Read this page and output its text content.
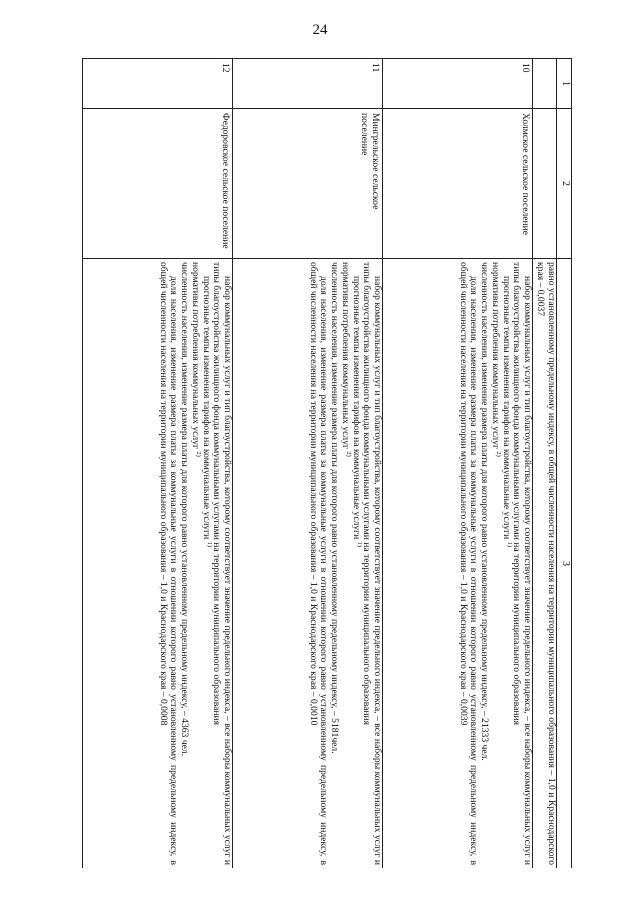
24
1	2	3

		равно установленному предельному индексу, в общей численности населения на территории муниципального образования – 1,0 и Краснодарского края – 0,0037

10	Холмское сельское поселение	набор коммунальных услуг и тип благоустройства, которому соответствует значение предельного индекса, – все наборы коммунальных услуг и типы благоустройства жилищного фонда коммунальными услугами на территории муниципального образования

прогнозные темпы изменения тарифов на коммунальные услуги $^{1)}$

нормативы потребления коммунальных услуг $^{2)}$

численность населения, изменение размера платы для которого равно установленному предельному индексу, – 21333 чел.

доля населения, изменение размера платы за коммунальные услуги в отношении которого равно установленному предельному индексу, в общей численности населения на территории муниципального образования – 1,0 и Краснодарского края – 0,0039

11	Мингрельское сельское поселение	набор коммунальных услуг и тип благоустройства, которому соответствует значение предельного индекса, – все наборы коммунальных услуг и типы благоустройства жилищного фонда коммунальными услугами на территории муниципального образования

прогнозные темпы изменения тарифов на коммунальные услуги $^{1)}$

нормативы потребления коммунальных услуг $^{2)}$

численность населения, изменение размера платы для которого равно установленному предельному индексу, – 5181чел.

доля населения, изменение размера платы за коммунальные услуги в отношении которого равно установленному предельному индексу, в общей численности населения на территории муниципального образования – 1,0 и Краснодарского края – 0,0010

12	Федоровское сельское поселение	набор коммунальных услуг и тип благоустройства, которому соответствует значение предельного индекса, – все наборы коммунальных услуг и типы благоустройства жилищного фонда коммунальными услугами на территории муниципального образования

прогнозные темпы изменения тарифов на коммунальные услуги $^{1)}$

нормативы потребления коммунальных услуг $^{2)}$

численность населения, изменение размера платы для которого равно установленному предельному индексу, – 4363 чел.

доля населения, изменение размера платы за коммунальные услуги в отношении которого равно установленному предельному индексу, в общей численности населения на территории муниципального образования – 1,0 и Краснодарского края – 0,0008
